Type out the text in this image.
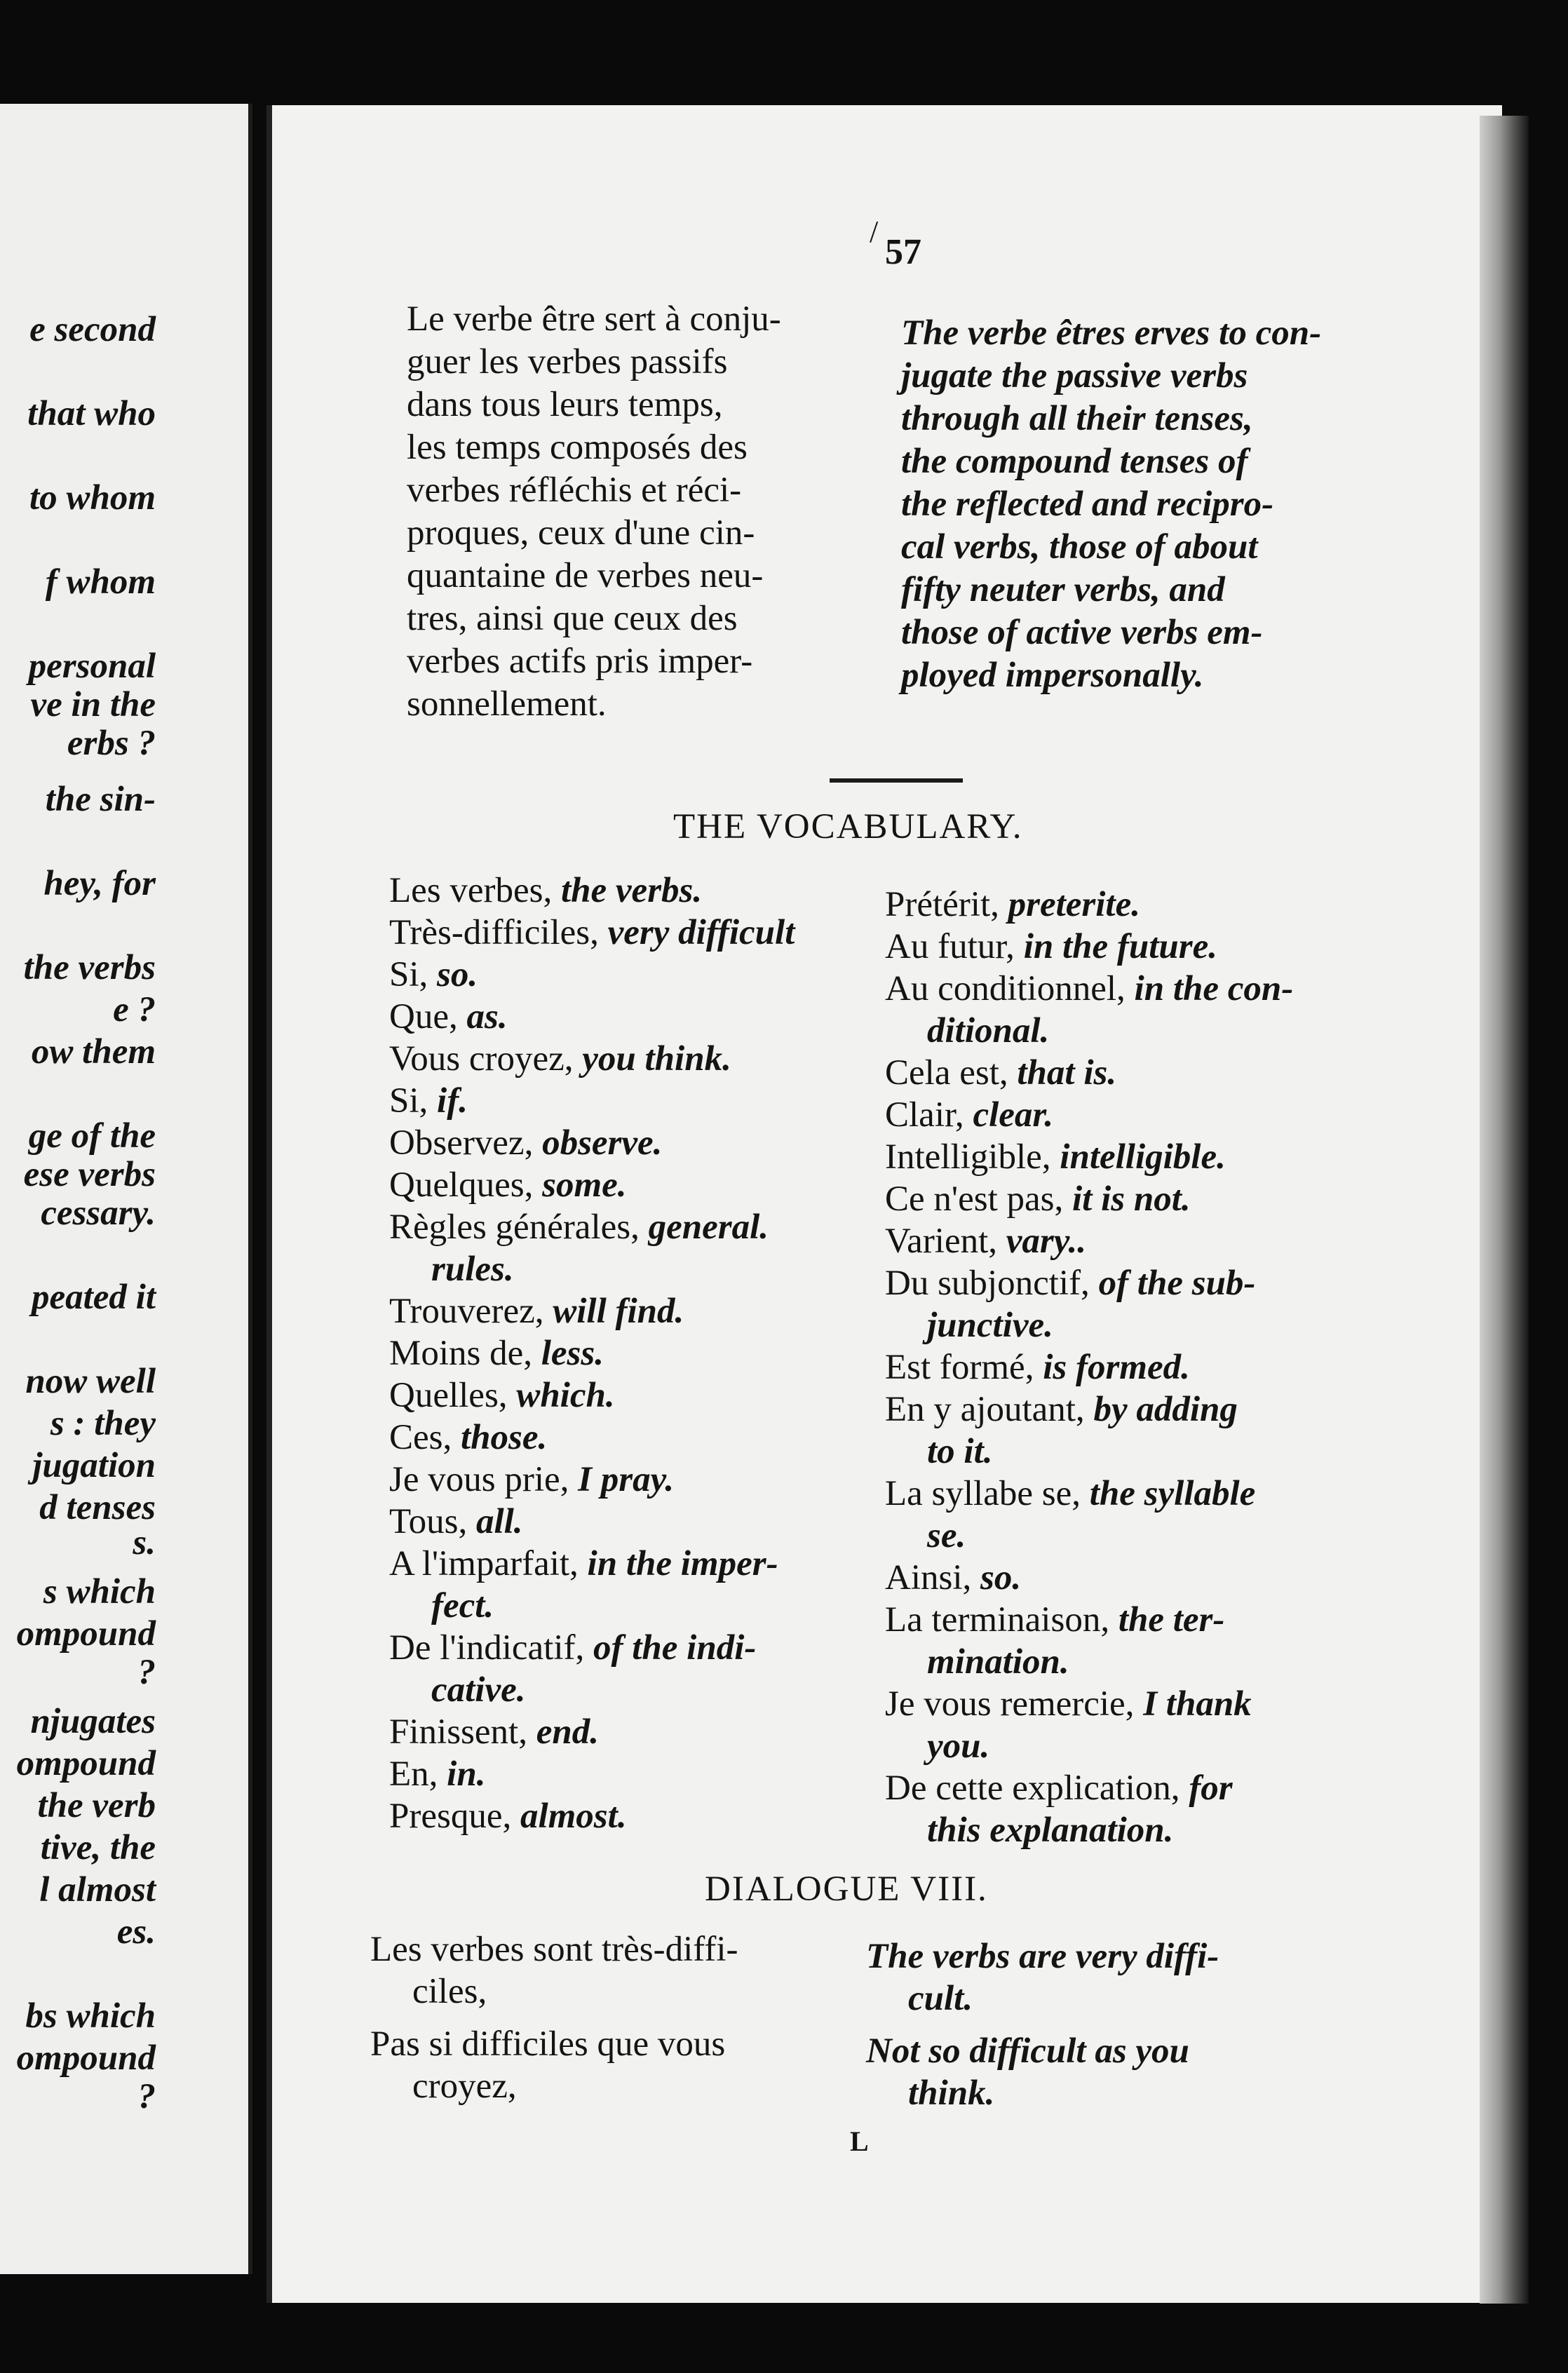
e second
that who
to whom
f whom
personal
ve in the
erbs ?
the sin-
hey, for
the verbs
e ?
ow them
ge of the
ese verbs
cessary.
peated it
now well
s : they
jugation
d tenses
s.
s which
ompound
?
njugates
ompound
the verb
tive, the
l almost
es.
bs which
ompound
?
/
57
Le verbe être sert à conju-
guer les verbes passifs
dans tous leurs temps,
les temps composés des
verbes réfléchis et réci-
proques, ceux d'une cin-
quantaine de verbes neu-
tres, ainsi que ceux des
verbes actifs pris imper-
sonnellement.
The verbe êtres erves to con-
jugate the passive verbs
through all their tenses,
the compound tenses of
the reflected and recipro-
cal verbs, those of about
fifty neuter verbs, and
those of active verbs em-
ployed impersonally.
THE VOCABULARY.
Les verbes, the verbs.
Très-difficiles, very difficult
Si, so.
Que, as.
Vous croyez, you think.
Si, if.
Observez, observe.
Quelques, some.
Règles générales, general.
rules.
Trouverez, will find.
Moins de, less.
Quelles, which.
Ces, those.
Je vous prie, I pray.
Tous, all.
A l'imparfait, in the imper-
fect.
De l'indicatif, of the indi-
cative.
Finissent, end.
En, in.
Presque, almost.
Prétérit, preterite.
Au futur, in the future.
Au conditionnel, in the con-
ditional.
Cela est, that is.
Clair, clear.
Intelligible, intelligible.
Ce n'est pas, it is not.
Varient, vary..
Du subjonctif, of the sub-
junctive.
Est formé, is formed.
En y ajoutant, by adding
to it.
La syllabe se, the syllable
se.
Ainsi, so.
La terminaison, the ter-
mination.
Je vous remercie, I thank
you.
De cette explication, for
this explanation.
DIALOGUE VIII.
Les verbes sont très-diffi-
ciles,
Pas si difficiles que vous
croyez,
The verbs are very diffi-
cult.
Not so difficult as you
think.
L
